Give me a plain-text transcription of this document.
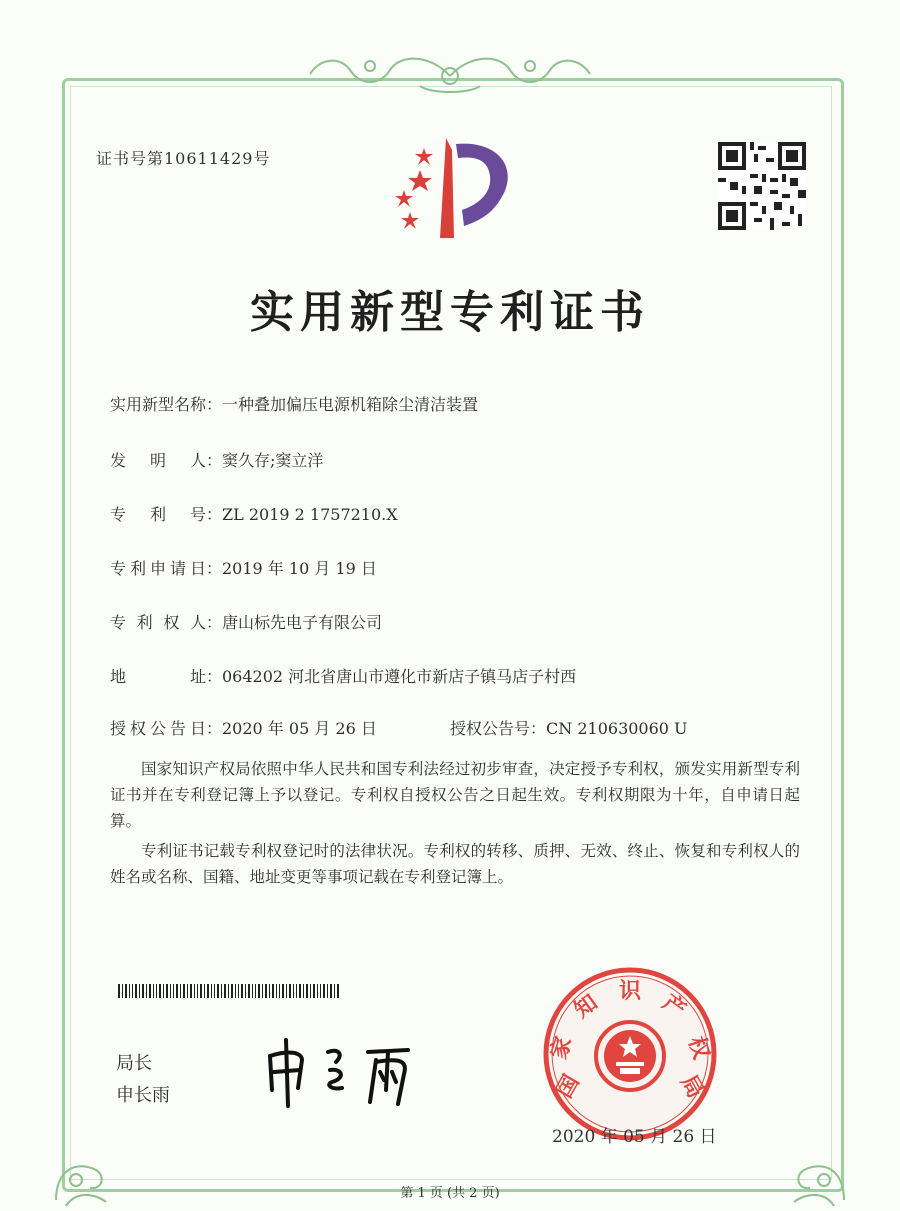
证书号第10611429号
实用新型专利证书
实用新型名称：一种叠加偏压电源机箱除尘清洁装置
发明人：窦久存;窦立洋
专利号：ZL 2019 2 1757210.X
专利申请日：2019 年 10 月 19 日
专利权人：唐山标先电子有限公司
地址：064202 河北省唐山市遵化市新店子镇马店子村西
授权公告日：2020 年 05 月 26 日	授权公告号：CN 210630060 U

国家知识产权局依照中华人民共和国专利法经过初步审查，决定授予专利权，颁发实用新型专利证书并在专利登记簿上予以登记。专利权自授权公告之日起生效。专利权期限为十年，自申请日起算。

专利证书记载专利权登记时的法律状况。专利权的转移、质押、无效、终止、恢复和专利权人的姓名或名称、国籍、地址变更等事项记载在专利登记簿上。

局长
申长雨	国
家
知 识 产
权
局
2020 年 05 月 26 日
第 1 页 (共 2 页)
